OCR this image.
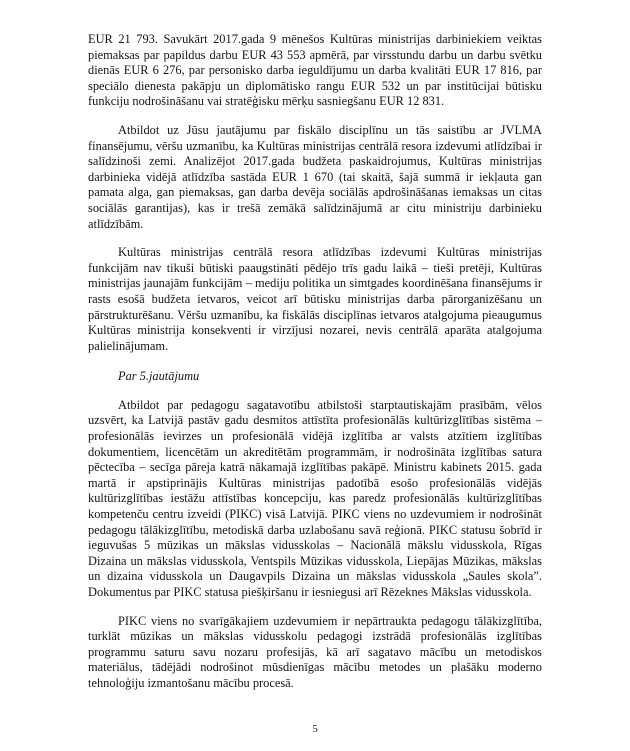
EUR 21 793. Savukārt 2017.gada 9 mēnešos Kultūras ministrijas darbiniekiem veiktas piemaksas par papildus darbu EUR 43 553 apmērā, par virsstundu darbu un darbu svētku dienās EUR 6 276, par personisko darba ieguldījumu un darba kvalitāti EUR 17 816, par speciālo dienesta pakāpju un diplomātisko rangu EUR 532 un par institūcijai būtisku funkciju nodrošināšanu vai stratēģisku mērķu sasniegšanu EUR 12 831.

Atbildot uz Jūsu jautājumu par fiskālo disciplīnu un tās saistību ar JVLMA finansējumu, vēršu uzmanību, ka Kultūras ministrijas centrālā resora izdevumi atlīdzībai ir salīdzinoši zemi. Analizējot 2017.gada budžeta paskaidrojumus, Kultūras ministrijas darbinieka vidējā atlīdzība sastāda EUR 1 670 (tai skaitā, šajā summā ir iekļauta gan pamata alga, gan piemaksas, gan darba devēja sociālās apdrošināšanas iemaksas un citas sociālās garantijas), kas ir trešā zemākā salīdzinājumā ar citu ministriju darbinieku atlīdzībām.

Kultūras ministrijas centrālā resora atlīdzības izdevumi Kultūras ministrijas funkcijām nav tikuši būtiski paaugstināti pēdējo trīs gadu laikā – tieši pretēji, Kultūras ministrijas jaunajām funkcijām – mediju politika un simtgades koordinēšana finansējums ir rasts esošā budžeta ietvaros, veicot arī būtisku ministrijas darba pārorganizēšanu un pārstrukturēšanu. Vēršu uzmanību, ka fiskālās disciplīnas ietvaros atalgojuma pieaugumus Kultūras ministrija konsekventi ir virzījusi nozarei, nevis centrālā aparāta atalgojuma palielinājumam.

Par 5.jautājumu

Atbildot par pedagogu sagatavotību atbilstoši starptautiskajām prasībām, vēlos uzsvērt, ka Latvijā pastāv gadu desmitos attīstīta profesionālās kultūrizglītības sistēma – profesionālās ievirzes un profesionālā vidējā izglītība ar valsts atzītiem izglītības dokumentiem, licencētām un akreditētām programmām, ir nodrošināta izglītības satura pēctecība – secīga pāreja katrā nākamajā izglītības pakāpē. Ministru kabinets 2015. gada martā ir apstiprinājis Kultūras ministrijas padotībā esošo profesionālās vidējās kultūrizglītības iestāžu attīstības koncepciju, kas paredz profesionālās kultūrizglītības kompetenču centru izveidi (PIKC) visā Latvijā. PIKC viens no uzdevumiem ir nodrošināt pedagogu tālākizglītību, metodiskā darba uzlabošanu savā reģionā. PIKC statusu šobrīd ir ieguvušas 5 mūzikas un mākslas vidusskolas – Nacionālā mākslu vidusskola, Rīgas Dizaina un mākslas vidusskola, Ventspils Mūzikas vidusskola, Liepājas Mūzikas, mākslas un dizaina vidusskola un Daugavpils Dizaina un mākslas vidusskola „Saules skola”. Dokumentus par PIKC statusa piešķiršanu ir iesniegusi arī Rēzeknes Mākslas vidusskola.

PIKC viens no svarīgākajiem uzdevumiem ir nepārtraukta pedagogu tālākizglītība, turklāt mūzikas un mākslas vidusskolu pedagogi izstrādā profesionālās izglītības programmu saturu savu nozaru profesijās, kā arī sagatavo mācību un metodiskos materiālus, tādējādi nodrošinot mūsdienīgas mācību metodes un plašāku moderno tehnoloģiju izmantošanu mācību procesā.

5
